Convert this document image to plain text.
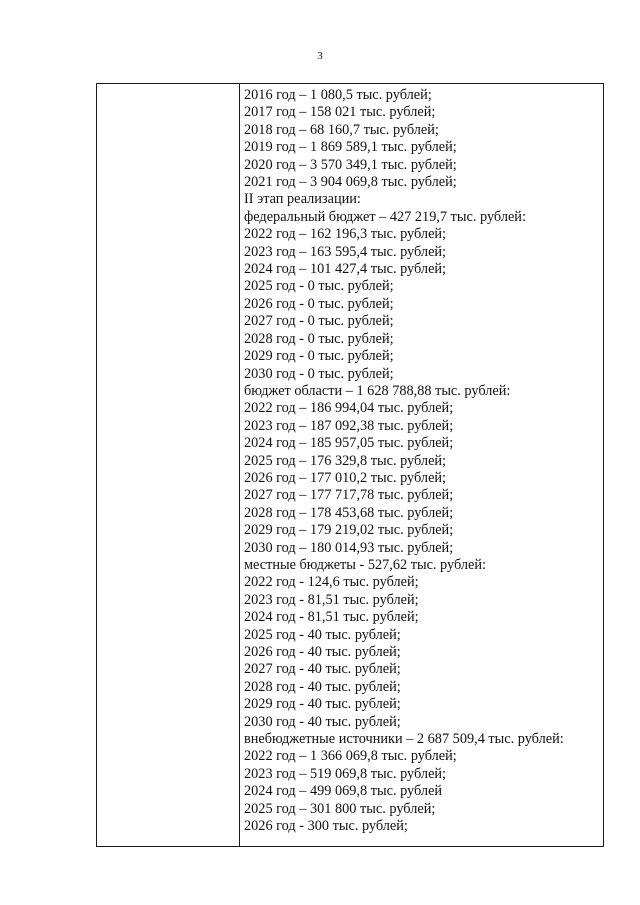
3
2016 год – 1 080,5 тыс. рублей;
2017 год – 158 021 тыс. рублей;
2018 год – 68 160,7 тыс. рублей;
2019 год – 1 869 589,1 тыс. рублей;
2020 год – 3 570 349,1 тыс. рублей;
2021 год – 3 904 069,8 тыс. рублей;
II этап реализации:
федеральный бюджет – 427 219,7 тыс. рублей:
2022 год – 162 196,3 тыс. рублей;
2023 год – 163 595,4 тыс. рублей;
2024 год – 101 427,4 тыс. рублей;
2025 год - 0 тыс. рублей;
2026 год - 0 тыс. рублей;
2027 год - 0 тыс. рублей;
2028 год - 0 тыс. рублей;
2029 год - 0 тыс. рублей;
2030 год - 0 тыс. рублей;
бюджет области – 1 628 788,88 тыс. рублей:
2022 год – 186 994,04 тыс. рублей;
2023 год – 187 092,38 тыс. рублей;
2024 год – 185 957,05 тыс. рублей;
2025 год – 176 329,8 тыс. рублей;
2026 год – 177 010,2 тыс. рублей;
2027 год – 177 717,78 тыс. рублей;
2028 год – 178 453,68 тыс. рублей;
2029 год – 179 219,02 тыс. рублей;
2030 год – 180 014,93 тыс. рублей;
местные бюджеты - 527,62 тыс. рублей:
2022 год - 124,6 тыс. рублей;
2023 год - 81,51 тыс. рублей;
2024 год - 81,51 тыс. рублей;
2025 год - 40 тыс. рублей;
2026 год - 40 тыс. рублей;
2027 год - 40 тыс. рублей;
2028 год - 40 тыс. рублей;
2029 год - 40 тыс. рублей;
2030 год - 40 тыс. рублей;
внебюджетные источники – 2 687 509,4 тыс. рублей:
2022 год – 1 366 069,8 тыс. рублей;
2023 год – 519 069,8 тыс. рублей;
2024 год – 499 069,8 тыс. рублей
2025 год – 301 800 тыс. рублей;
2026 год - 300 тыс. рублей;
